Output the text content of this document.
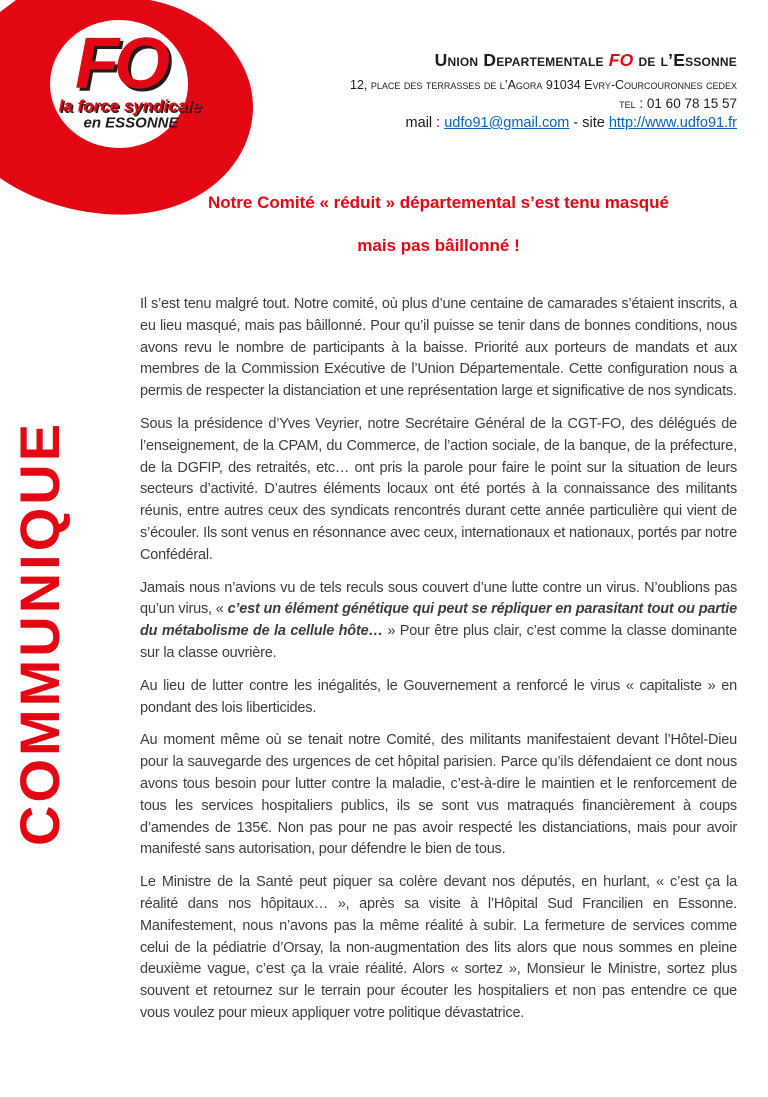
FO
la force syndicale
en ESSONNE
Union Departementale FO de l’Essonne
12, place des terrasses de l’Agora 91034 Evry-Courcouronnes cedex
tel : 01 60 78 15 57
mail : udfo91@gmail.com - site http://www.udfo91.fr
Notre Comité « réduit » départemental s’est tenu masqué
mais pas bâillonné !
COMMUNIQUE

Il s’est tenu malgré tout. Notre comité, où plus d’une centaine de camarades s’étaient inscrits, a eu lieu masqué, mais pas bâillonné. Pour qu’il puisse se tenir dans de bonnes conditions, nous avons revu le nombre de participants à la baisse. Priorité aux porteurs de mandats et aux membres de la Commission Exécutive de l’Union Départementale. Cette configuration nous a permis de respecter la distanciation et une représentation large et significative de nos syndicats.

Sous la présidence d’Yves Veyrier, notre Secrétaire Général de la CGT-FO, des délégués de l’enseignement, de la CPAM, du Commerce, de l’action sociale, de la banque, de la préfecture, de la DGFIP, des retraités, etc… ont pris la parole pour faire le point sur la situation de leurs secteurs d’activité. D’autres éléments locaux ont été portés à la connaissance des militants réunis, entre autres ceux des syndicats rencontrés durant cette année particulière qui vient de s’écouler. Ils sont venus en résonnance avec ceux, internationaux et nationaux, portés par notre Confédéral.

Jamais nous n’avions vu de tels reculs sous couvert d’une lutte contre un virus. N’oublions pas qu’un virus, « c’est un élément génétique qui peut se répliquer en parasitant tout ou partie du métabolisme de la cellule hôte… » Pour être plus clair, c’est comme la classe dominante sur la classe ouvrière.

Au lieu de lutter contre les inégalités, le Gouvernement a renforcé le virus « capitaliste » en pondant des lois liberticides.

Au moment même où se tenait notre Comité, des militants manifestaient devant l’Hôtel-Dieu pour la sauvegarde des urgences de cet hôpital parisien. Parce qu’ils défendaient ce dont nous avons tous besoin pour lutter contre la maladie, c’est-à-dire le maintien et le renforcement de tous les services hospitaliers publics, ils se sont vus matraqués financièrement à coups d’amendes de 135€. Non pas pour ne pas avoir respecté les distanciations, mais pour avoir manifesté sans autorisation, pour défendre le bien de tous.

Le Ministre de la Santé peut piquer sa colère devant nos députés, en hurlant, « c’est ça la réalité dans nos hôpitaux… », après sa visite à l’Hôpital Sud Francilien en Essonne. Manifestement, nous n’avons pas la même réalité à subir. La fermeture de services comme celui de la pédiatrie d’Orsay, la non-augmentation des lits alors que nous sommes en pleine deuxième vague, c’est ça la vraie réalité. Alors « sortez », Monsieur le Ministre, sortez plus souvent et retournez sur le terrain pour écouter les hospitaliers et non pas entendre ce que vous voulez pour mieux appliquer votre politique dévastatrice.
